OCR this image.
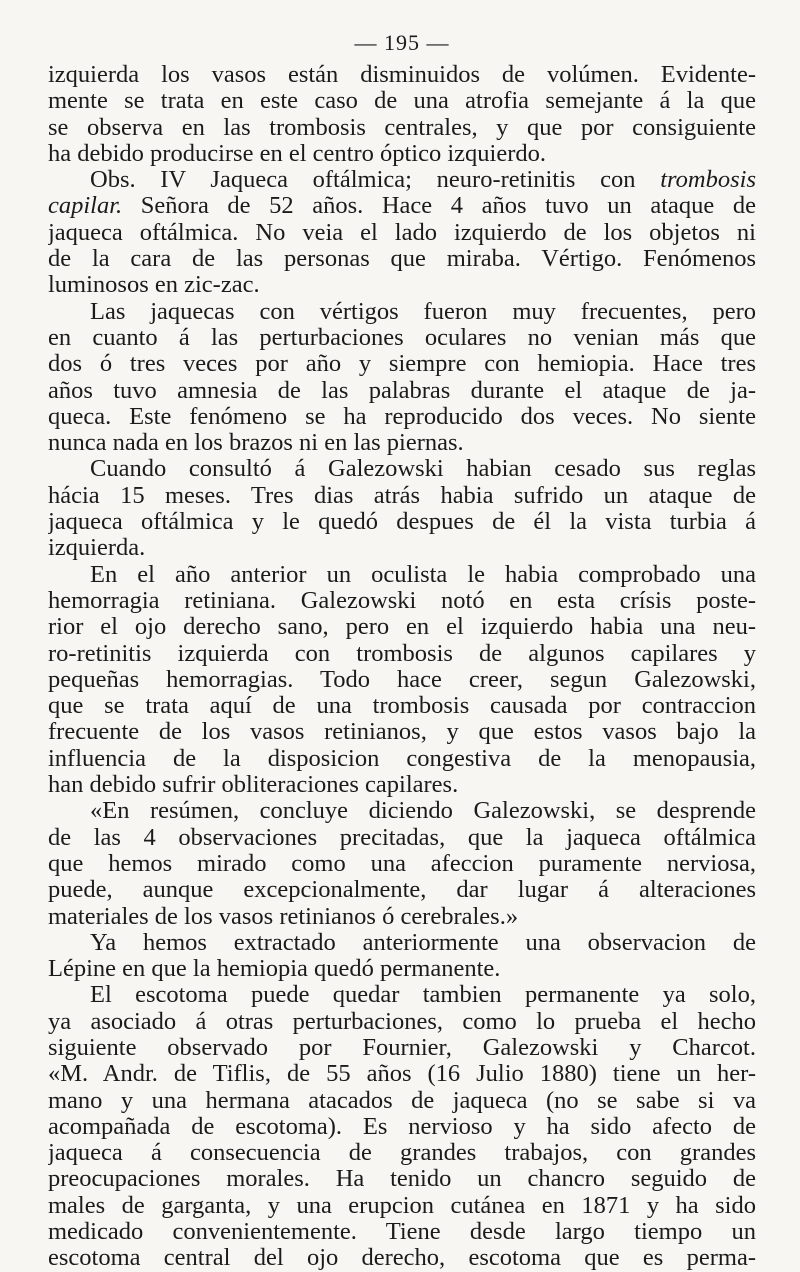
— 195 —
izquierda los vasos están disminuidos de volúmen. Evidente-
mente se trata en este caso de una atrofia semejante á la que
se observa en las trombosis centrales, y que por consiguiente
ha debido producirse en el centro óptico izquierdo.
Obs. IV Jaqueca oftálmica; neuro-retinitis con trombosis
capilar. Señora de 52 años. Hace 4 años tuvo un ataque de
jaqueca oftálmica. No veia el lado izquierdo de los objetos ni
de la cara de las personas que miraba. Vértigo. Fenómenos
luminosos en zic-zac.
Las jaquecas con vértigos fueron muy frecuentes, pero
en cuanto á las perturbaciones oculares no venian más que
dos ó tres veces por año y siempre con hemiopia. Hace tres
años tuvo amnesia de las palabras durante el ataque de ja-
queca. Este fenómeno se ha reproducido dos veces. No siente
nunca nada en los brazos ni en las piernas.
Cuando consultó á Galezowski habian cesado sus reglas
hácia 15 meses. Tres dias atrás habia sufrido un ataque de
jaqueca oftálmica y le quedó despues de él la vista turbia á
izquierda.
En el año anterior un oculista le habia comprobado una
hemorragia retiniana. Galezowski notó en esta crísis poste-
rior el ojo derecho sano, pero en el izquierdo habia una neu-
ro-retinitis izquierda con trombosis de algunos capilares y
pequeñas hemorragias. Todo hace creer, segun Galezowski,
que se trata aquí de una trombosis causada por contraccion
frecuente de los vasos retinianos, y que estos vasos bajo la
influencia de la disposicion congestiva de la menopausia,
han debido sufrir obliteraciones capilares.
«En resúmen, concluye diciendo Galezowski, se desprende
de las 4 observaciones precitadas, que la jaqueca oftálmica
que hemos mirado como una afeccion puramente nerviosa,
puede, aunque excepcionalmente, dar lugar á alteraciones
materiales de los vasos retinianos ó cerebrales.»
Ya hemos extractado anteriormente una observacion de
Lépine en que la hemiopia quedó permanente.
El escotoma puede quedar tambien permanente ya solo,
ya asociado á otras perturbaciones, como lo prueba el hecho
siguiente observado por Fournier, Galezowski y Charcot.
«M. Andr. de Tiflis, de 55 años (16 Julio 1880) tiene un her-
mano y una hermana atacados de jaqueca (no se sabe si va
acompañada de escotoma). Es nervioso y ha sido afecto de
jaqueca á consecuencia de grandes trabajos, con grandes
preocupaciones morales. Ha tenido un chancro seguido de
males de garganta, y una erupcion cutánea en 1871 y ha sido
medicado convenientemente. Tiene desde largo tiempo un
escotoma central del ojo derecho, escotoma que es perma-
